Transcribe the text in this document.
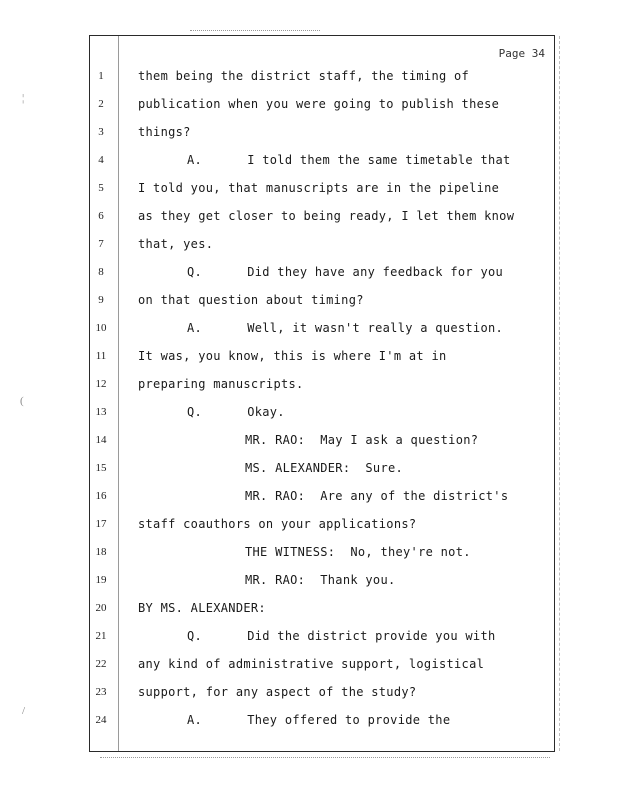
¦
(
/
Page 34
1	them being the district staff, the timing of
2	publication when you were going to publish these
3	things?
4	A.      I told them the same timetable that
5	I told you, that manuscripts are in the pipeline
6	as they get closer to being ready, I let them know
7	that, yes.
8	Q.      Did they have any feedback for you
9	on that question about timing?
10	A.      Well, it wasn't really a question.
11	It was, you know, this is where I'm at in
12	preparing manuscripts.
13	Q.      Okay.
14	MR. RAO:  May I ask a question?
15	MS. ALEXANDER:  Sure.
16	MR. RAO:  Are any of the district's
17	staff coauthors on your applications?
18	THE WITNESS:  No, they're not.
19	MR. RAO:  Thank you.
20	BY MS. ALEXANDER:
21	Q.      Did the district provide you with
22	any kind of administrative support, logistical
23	support, for any aspect of the study?
24	A.      They offered to provide the
